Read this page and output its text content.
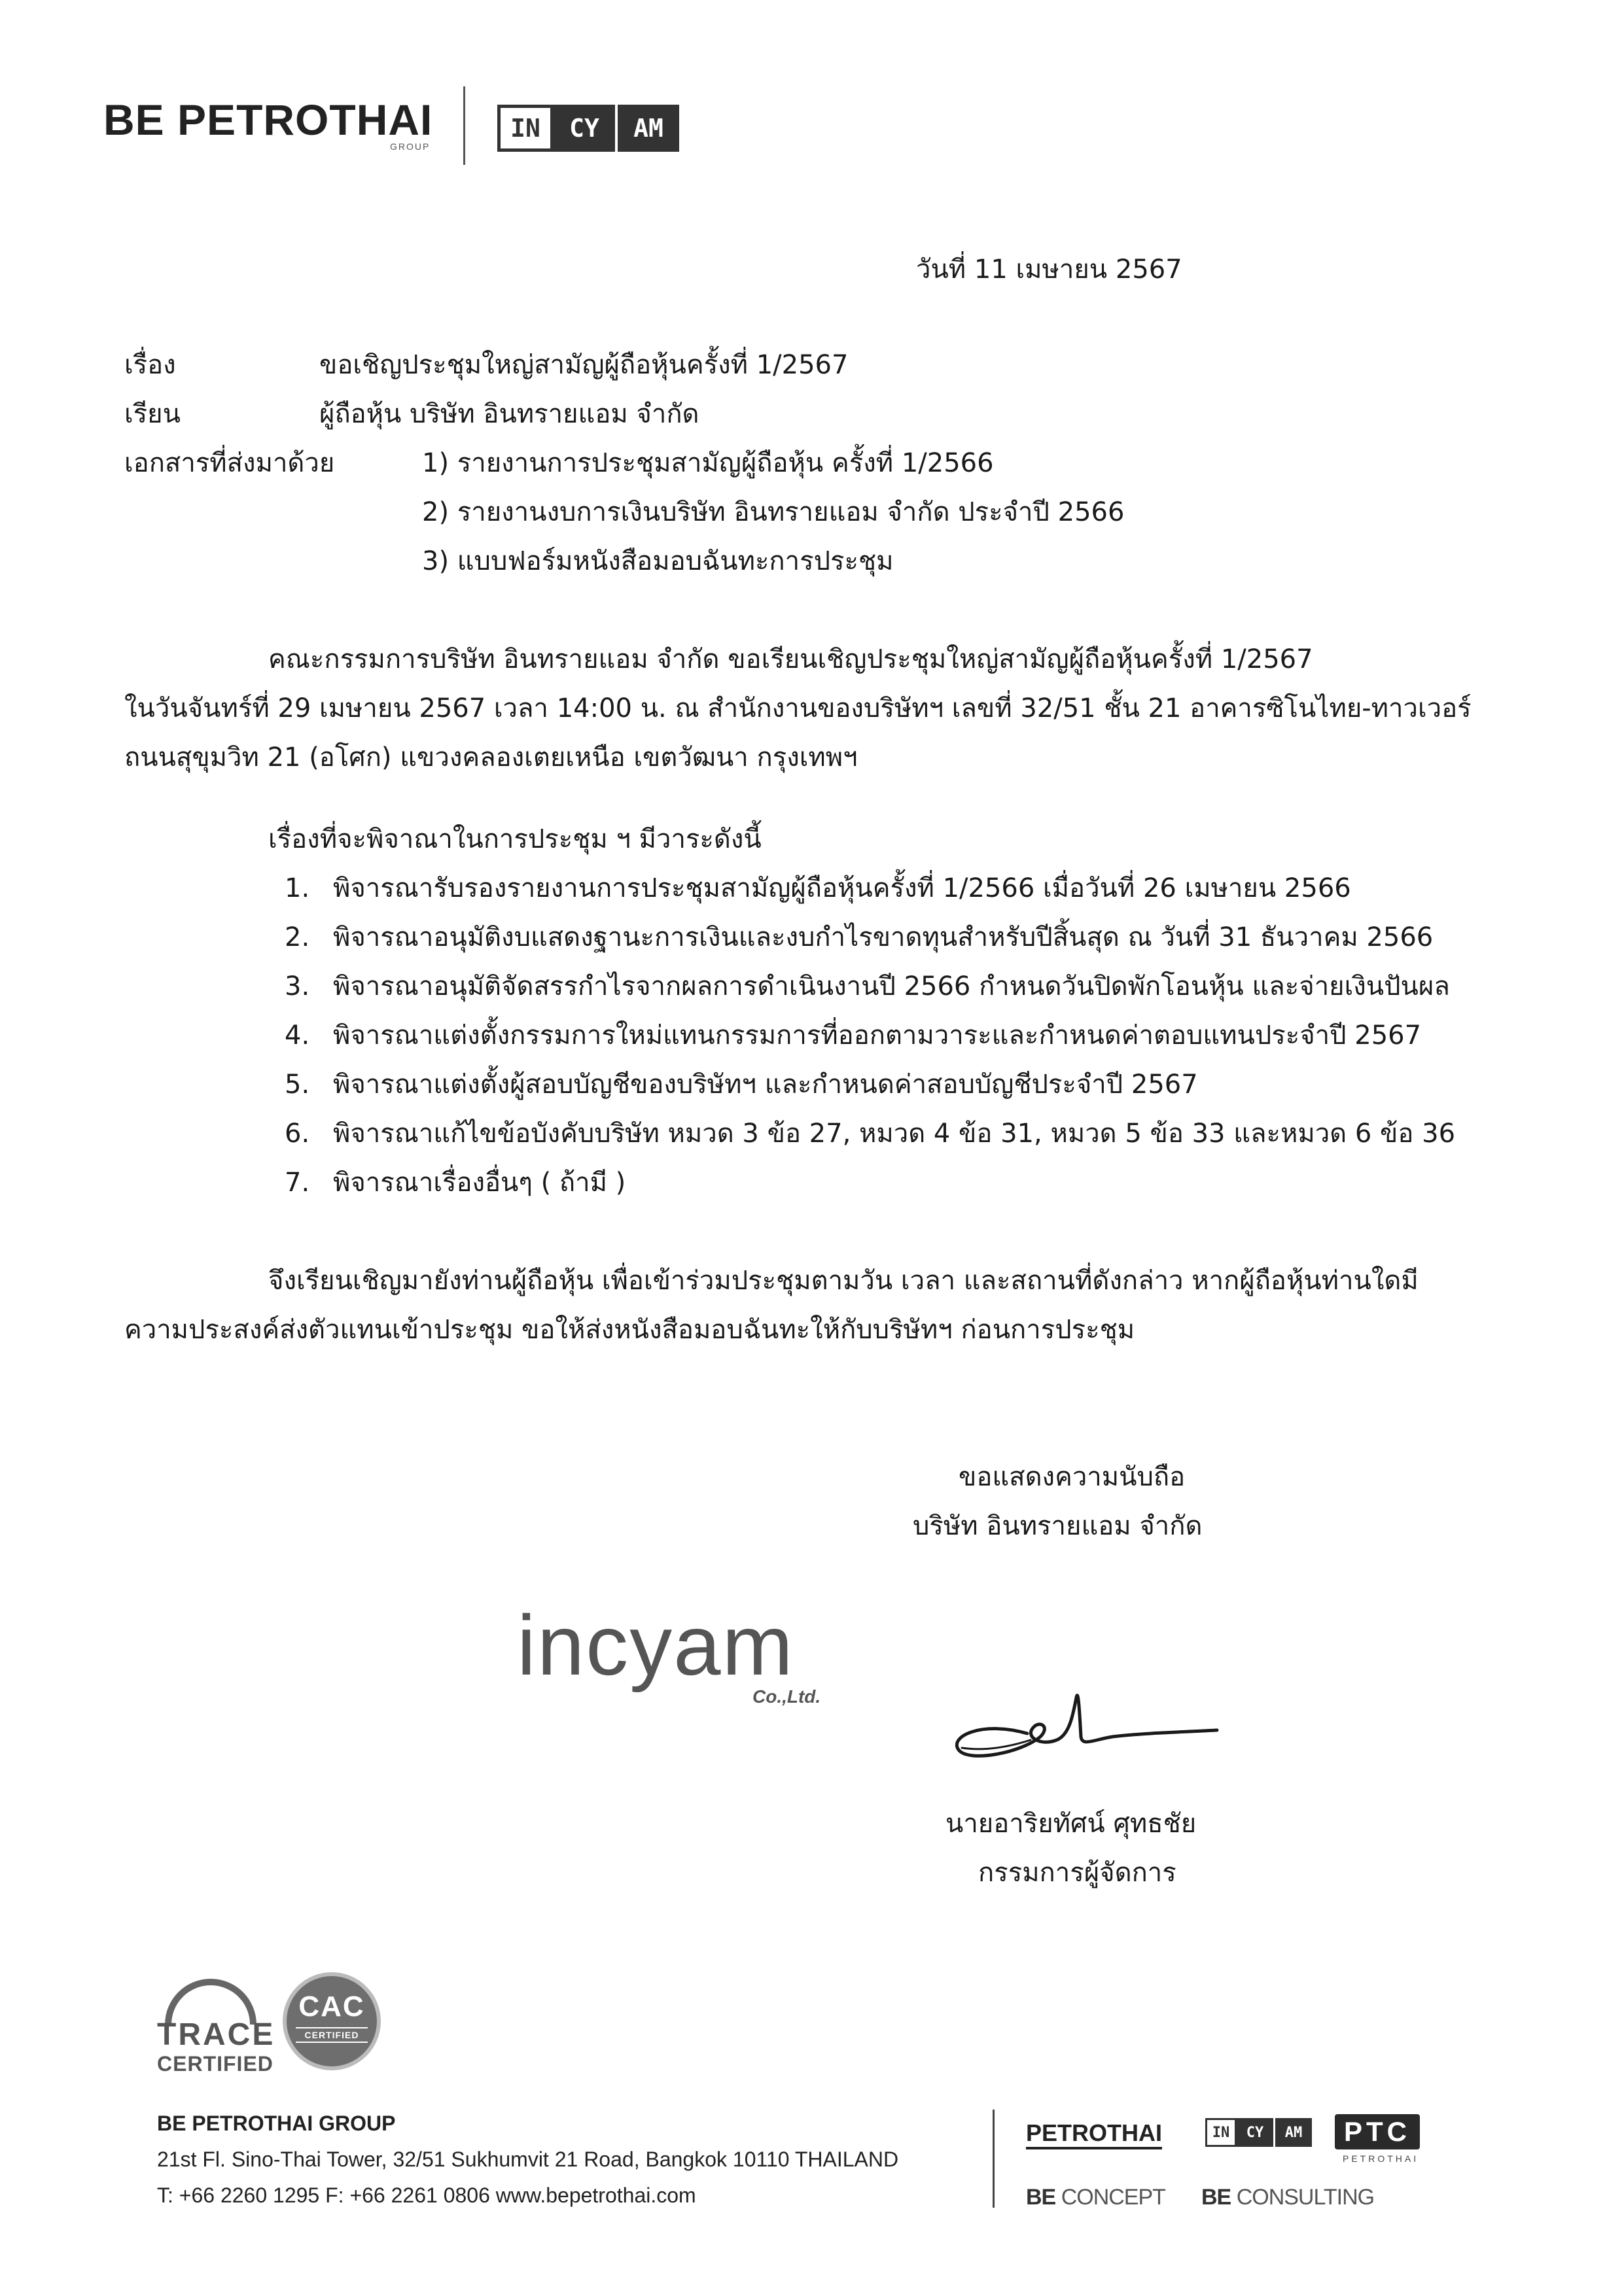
BE PETROTHAI
GROUP
IN	CY	AM
วันที่ 11 เมษายน 2567
เรื่อง	ขอเชิญประชุมใหญ่สามัญผู้ถือหุ้นครั้งที่ 1/2567
เรียน	ผู้ถือหุ้น บริษัท อินทรายแอม จำกัด
เอกสารที่ส่งมาด้วย	1) รายงานการประชุมสามัญผู้ถือหุ้น ครั้งที่ 1/2566
2) รายงานงบการเงินบริษัท อินทรายแอม จำกัด ประจำปี 2566
3) แบบฟอร์มหนังสือมอบฉันทะการประชุม
คณะกรรมการบริษัท อินทรายแอม จำกัด ขอเรียนเชิญประชุมใหญ่สามัญผู้ถือหุ้นครั้งที่ 1/2567
ในวันจันทร์ที่ 29 เมษายน 2567 เวลา 14:00 น. ณ สำนักงานของบริษัทฯ เลขที่ 32/51 ชั้น 21 อาคารซิโนไทย-ทาวเวอร์
ถนนสุขุมวิท 21 (อโศก) แขวงคลองเตยเหนือ เขตวัฒนา กรุงเทพฯ
เรื่องที่จะพิจาณาในการประชุม ฯ มีวาระดังนี้
1. พิจารณารับรองรายงานการประชุมสามัญผู้ถือหุ้นครั้งที่ 1/2566 เมื่อวันที่ 26 เมษายน 2566
2. พิจารณาอนุมัติงบแสดงฐานะการเงินและงบกำไรขาดทุนสำหรับปีสิ้นสุด ณ วันที่ 31 ธันวาคม 2566
3. พิจารณาอนุมัติจัดสรรกำไรจากผลการดำเนินงานปี 2566 กำหนดวันปิดพักโอนหุ้น และจ่ายเงินปันผล
4. พิจารณาแต่งตั้งกรรมการใหม่แทนกรรมการที่ออกตามวาระและกำหนดค่าตอบแทนประจำปี 2567
5. พิจารณาแต่งตั้งผู้สอบบัญชีของบริษัทฯ และกำหนดค่าสอบบัญชีประจำปี 2567
6. พิจารณาแก้ไขข้อบังคับบริษัท หมวด 3 ข้อ 27, หมวด 4 ข้อ 31, หมวด 5 ข้อ 33 และหมวด 6 ข้อ 36
7. พิจารณาเรื่องอื่นๆ ( ถ้ามี )
จึงเรียนเชิญมายังท่านผู้ถือหุ้น เพื่อเข้าร่วมประชุมตามวัน เวลา และสถานที่ดังกล่าว หากผู้ถือหุ้นท่านใดมี
ความประสงค์ส่งตัวแทนเข้าประชุม ขอให้ส่งหนังสือมอบฉันทะให้กับบริษัทฯ ก่อนการประชุม
ขอแสดงความนับถือ
บริษัท อินทรายแอม จำกัด
incyam
Co.,Ltd.
นายอาริยทัศน์ ศุทธชัย
กรรมการผู้จัดการ
TRACE
CERTIFIED
CAC
CERTIFIED
BE PETROTHAI GROUP
21st Fl. Sino-Thai Tower, 32/51 Sukhumvit 21 Road, Bangkok 10110 THAILAND
T: +66 2260 1295 F: +66 2261 0806 www.bepetrothai.com
PETROTHAI	IN	CY	AM	PTC
PETROTHAI
BE CONCEPT BE CONSULTING
